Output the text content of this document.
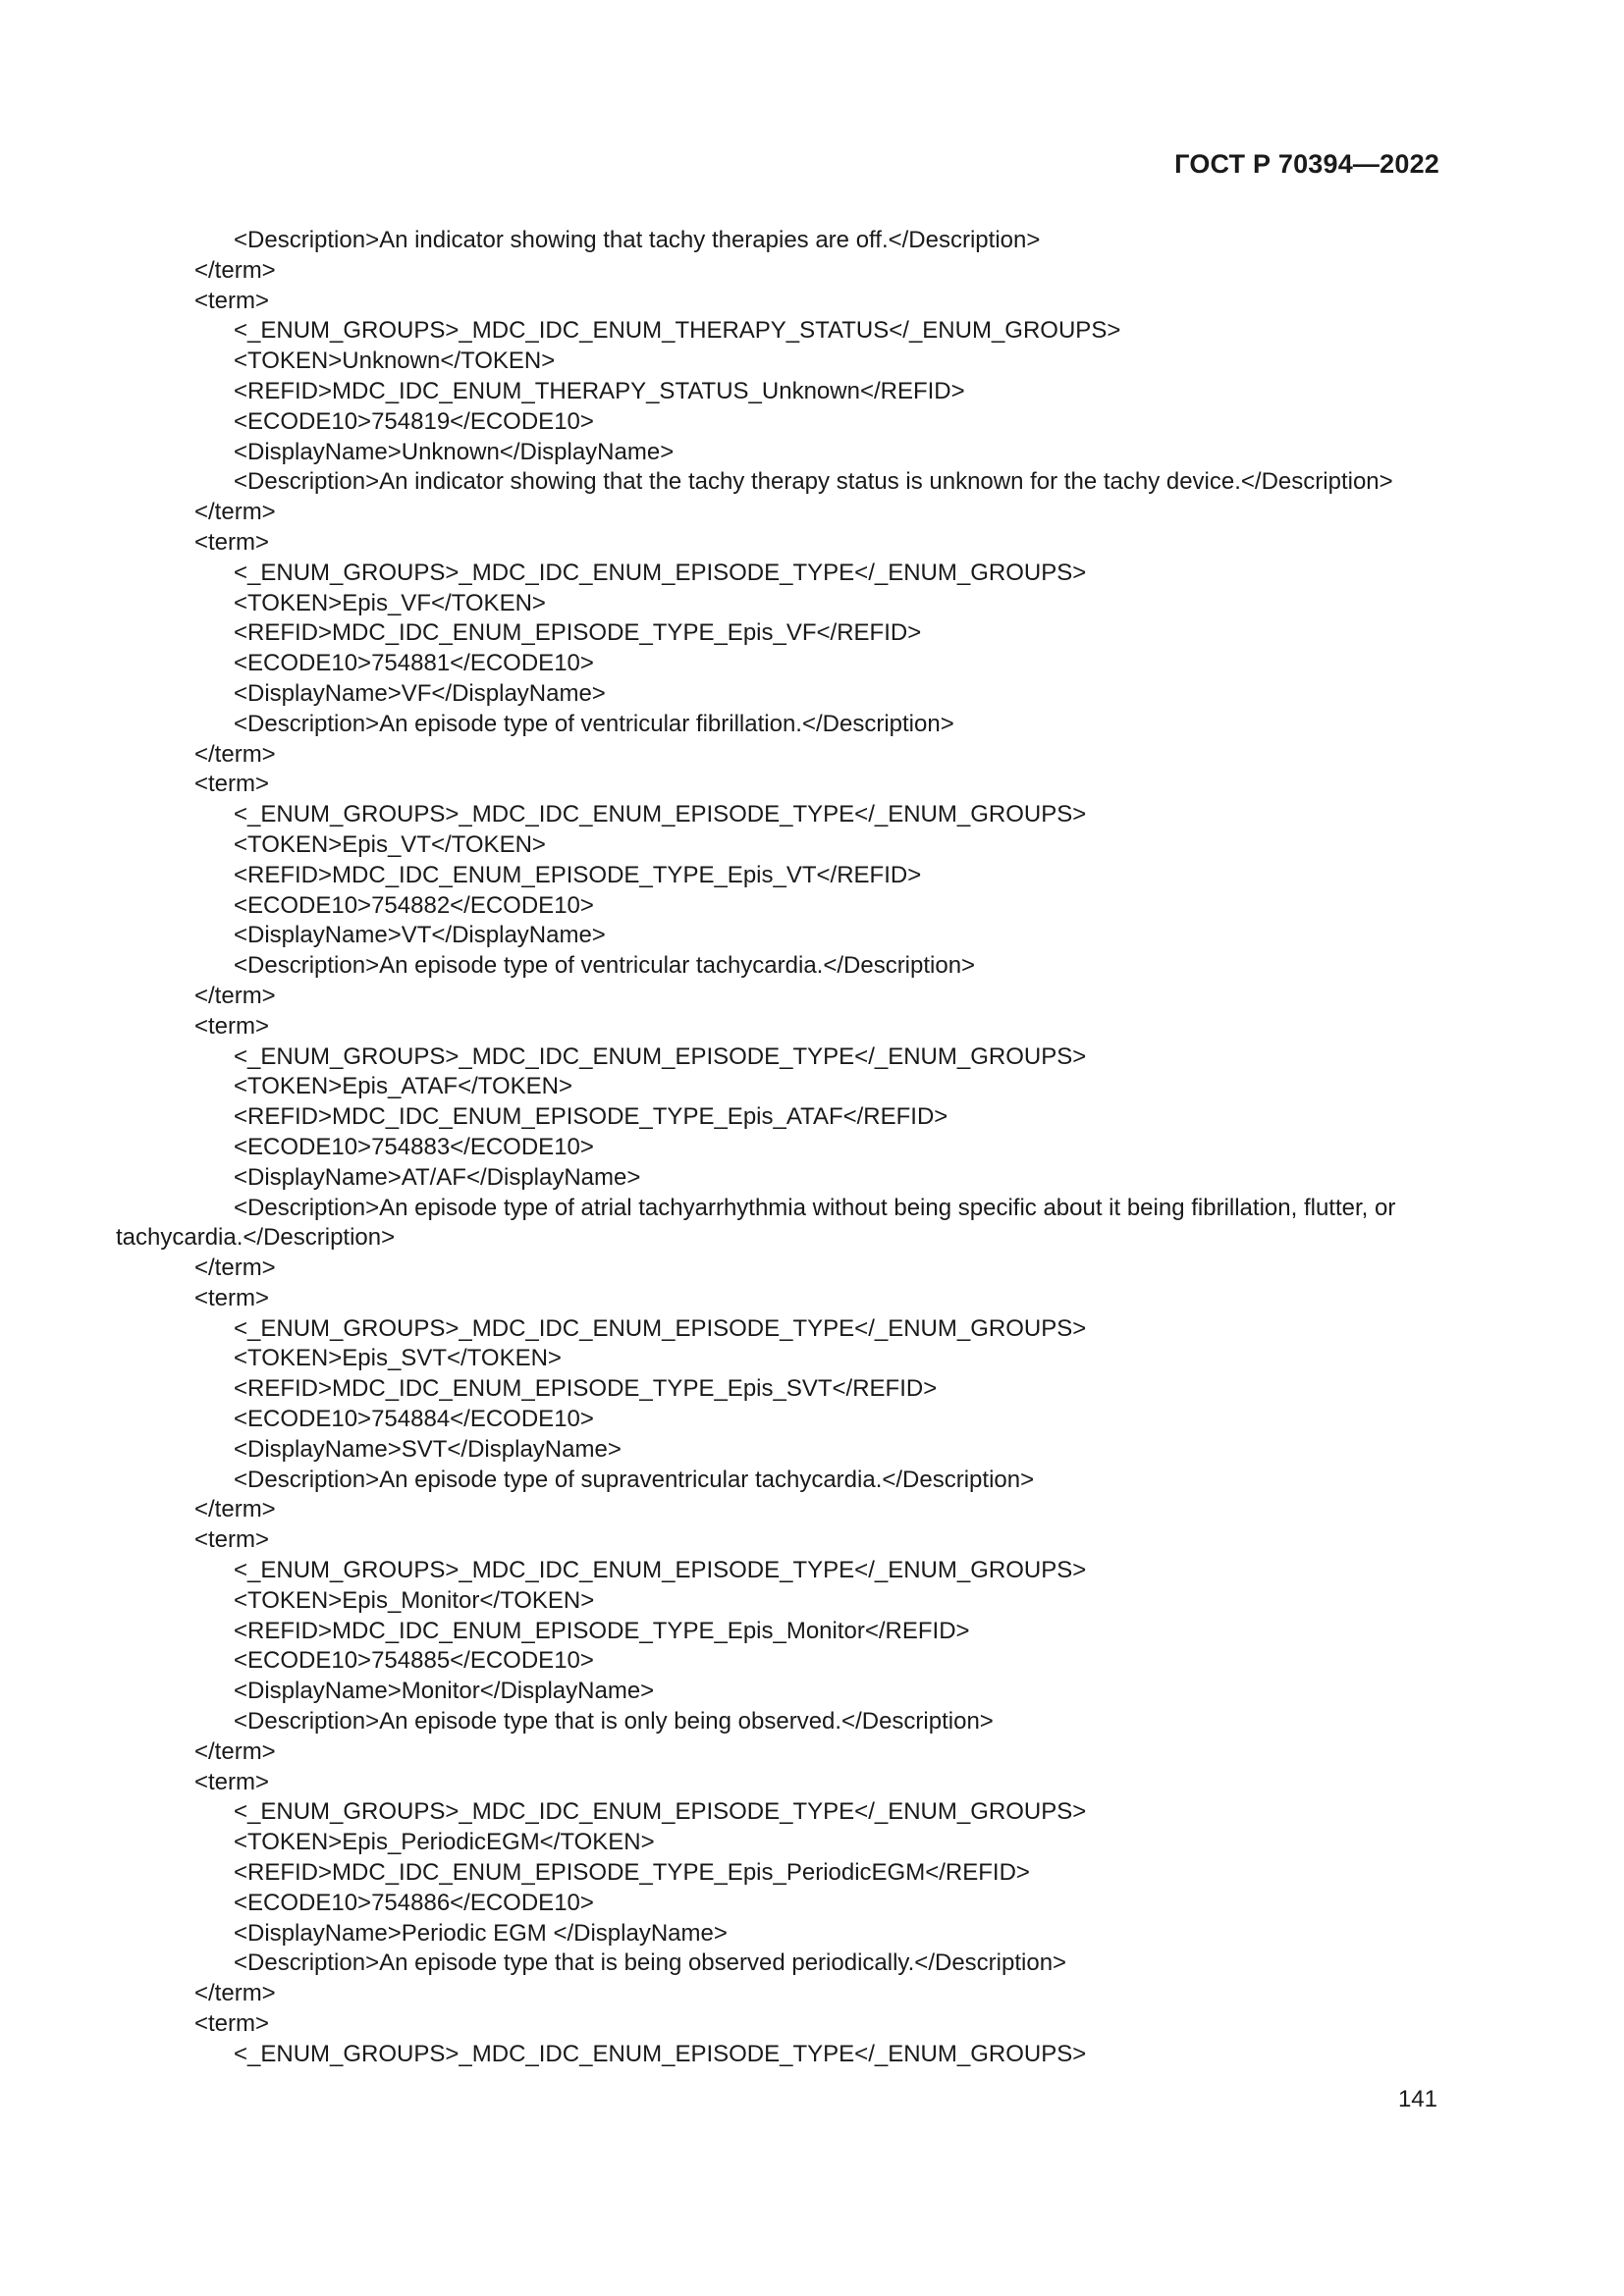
ГОСТ Р 70394—2022
<Description>An indicator showing that tachy therapies are off.</Description>
</term>
<term>
<_ENUM_GROUPS>_MDC_IDC_ENUM_THERAPY_STATUS</_ENUM_GROUPS>
<TOKEN>Unknown</TOKEN>
<REFID>MDC_IDC_ENUM_THERAPY_STATUS_Unknown</REFID>
<ECODE10>754819</ECODE10>
<DisplayName>Unknown</DisplayName>
<Description>An indicator showing that the tachy therapy status is unknown for the tachy device.</Description>
</term>
<term>
<_ENUM_GROUPS>_MDC_IDC_ENUM_EPISODE_TYPE</_ENUM_GROUPS>
<TOKEN>Epis_VF</TOKEN>
<REFID>MDC_IDC_ENUM_EPISODE_TYPE_Epis_VF</REFID>
<ECODE10>754881</ECODE10>
<DisplayName>VF</DisplayName>
<Description>An episode type of ventricular fibrillation.</Description>
</term>
<term>
<_ENUM_GROUPS>_MDC_IDC_ENUM_EPISODE_TYPE</_ENUM_GROUPS>
<TOKEN>Epis_VT</TOKEN>
<REFID>MDC_IDC_ENUM_EPISODE_TYPE_Epis_VT</REFID>
<ECODE10>754882</ECODE10>
<DisplayName>VT</DisplayName>
<Description>An episode type of ventricular tachycardia.</Description>
</term>
<term>
<_ENUM_GROUPS>_MDC_IDC_ENUM_EPISODE_TYPE</_ENUM_GROUPS>
<TOKEN>Epis_ATAF</TOKEN>
<REFID>MDC_IDC_ENUM_EPISODE_TYPE_Epis_ATAF</REFID>
<ECODE10>754883</ECODE10>
<DisplayName>AT/AF</DisplayName>
<Description>An episode type of atrial tachyarrhythmia without being specific about it being fibrillation, flutter, or
tachycardia.</Description>
</term>
<term>
<_ENUM_GROUPS>_MDC_IDC_ENUM_EPISODE_TYPE</_ENUM_GROUPS>
<TOKEN>Epis_SVT</TOKEN>
<REFID>MDC_IDC_ENUM_EPISODE_TYPE_Epis_SVT</REFID>
<ECODE10>754884</ECODE10>
<DisplayName>SVT</DisplayName>
<Description>An episode type of supraventricular tachycardia.</Description>
</term>
<term>
<_ENUM_GROUPS>_MDC_IDC_ENUM_EPISODE_TYPE</_ENUM_GROUPS>
<TOKEN>Epis_Monitor</TOKEN>
<REFID>MDC_IDC_ENUM_EPISODE_TYPE_Epis_Monitor</REFID>
<ECODE10>754885</ECODE10>
<DisplayName>Monitor</DisplayName>
<Description>An episode type that is only being observed.</Description>
</term>
<term>
<_ENUM_GROUPS>_MDC_IDC_ENUM_EPISODE_TYPE</_ENUM_GROUPS>
<TOKEN>Epis_PeriodicEGM</TOKEN>
<REFID>MDC_IDC_ENUM_EPISODE_TYPE_Epis_PeriodicEGM</REFID>
<ECODE10>754886</ECODE10>
<DisplayName>Periodic EGM </DisplayName>
<Description>An episode type that is being observed periodically.</Description>
</term>
<term>
<_ENUM_GROUPS>_MDC_IDC_ENUM_EPISODE_TYPE</_ENUM_GROUPS>
141
